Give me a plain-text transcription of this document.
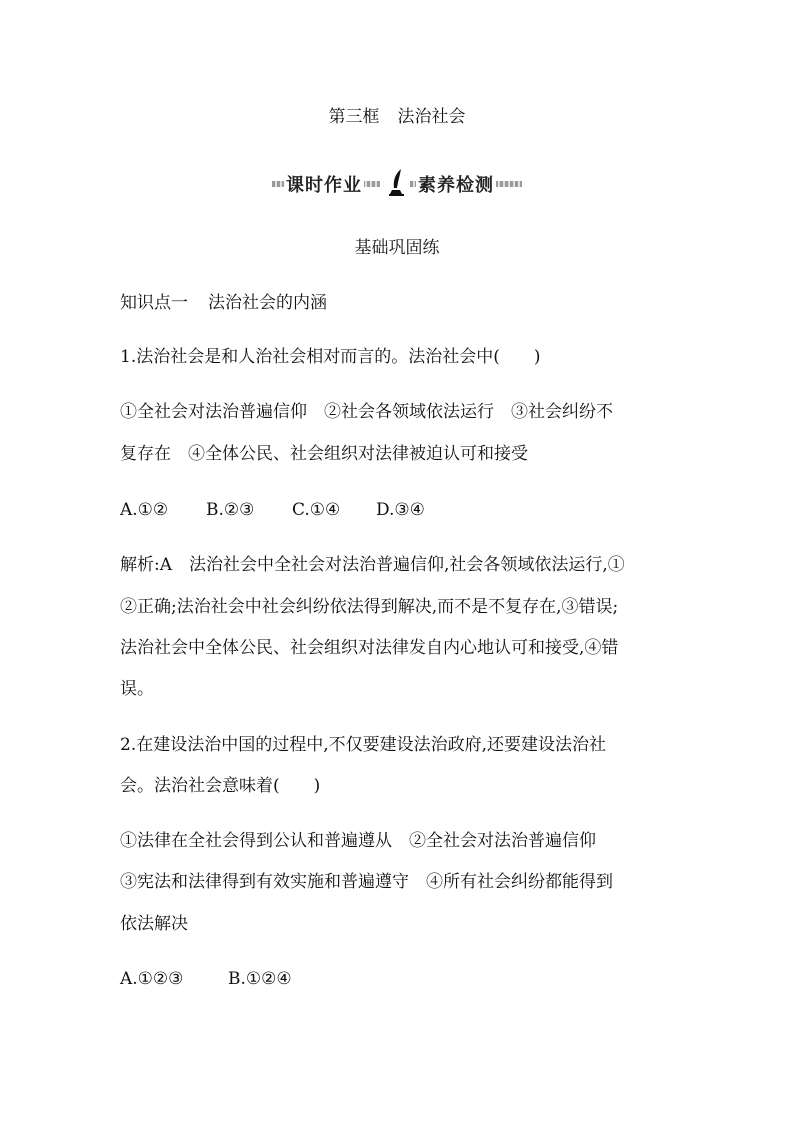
第三框 法治社会
课时作业	素养检测
基础巩固练
知识点一 法治社会的内涵
1.法治社会是和人治社会相对而言的。法治社会中(　　)
①全社会对法治普遍信仰　②社会各领域依法运行　③社会纠纷不
复存在　④全体公民、社会组织对法律被迫认可和接受
A.①② B.②③ C.①④ D.③④
解析:A　法治社会中全社会对法治普遍信仰,社会各领域依法运行,①
②正确;法治社会中社会纠纷依法得到解决,而不是不复存在,③错误;
法治社会中全体公民、社会组织对法律发自内心地认可和接受,④错
误。
2.在建设法治中国的过程中,不仅要建设法治政府,还要建设法治社
会。法治社会意味着(　　)
①法律在全社会得到公认和普遍遵从　②全社会对法治普遍信仰
③宪法和法律得到有效实施和普遍遵守　④所有社会纠纷都能得到
依法解决
A.①②③	B.①②④
